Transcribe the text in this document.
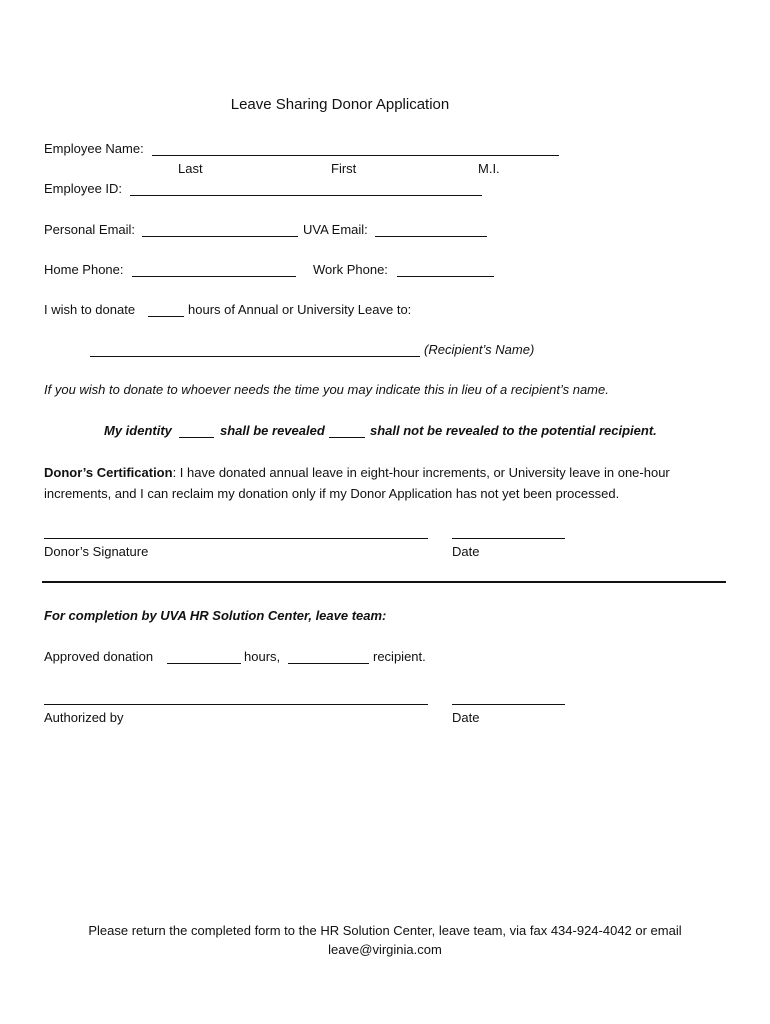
Leave Sharing Donor Application
Employee Name:
Last	First	M.I.
Employee ID:
Personal Email:	UVA Email:
Home Phone:	Work Phone:
I wish to donate	hours of Annual or University Leave to:
(Recipient’s Name)
If you wish to donate to whoever needs the time you may indicate this in lieu of a recipient’s name.
My identity	shall be revealed	shall not be revealed to the potential recipient.
Donor’s Certification: I have donated annual leave in eight-hour increments, or University leave in one-hour increments, and I can reclaim my donation only if my Donor Application has not yet been processed.
Donor’s Signature	Date
For completion by UVA HR Solution Center, leave team:
Approved donation	hours,	recipient.
Authorized by	Date
Please return the completed form to the HR Solution Center, leave team, via fax 434-924-4042 or email
leave@virginia.com
